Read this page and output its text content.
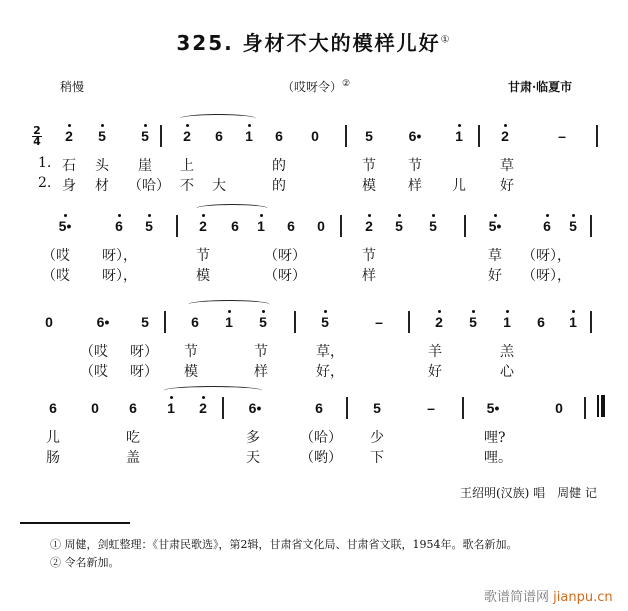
325. 身材不大的模样儿好①
稍慢	（哎呀令）②	甘肃·临夏市
2
4 2 5	5 2 6 1 6 0	5	6• 1	2	–
1. 石 头 崖 上	的	节 节	草
2. 身 材 （哈） 不 大	的	模 样 儿 好
5•	6 5	2 6 1 6 0	2 5 5	5•	6 5
（哎 呀），	节	（呀）	节	草 （呀），
（哎 呀），	模	（呀）	样	好 （呀），
0	6• 5	6 1 5	5	–	2 5 1 6 1
（哎 呀） 节	节	草，	羊	羔
（哎 呀） 模	样	好，	好	心
6 0 6 1 2	6•	6	5	–	5•	0
儿	吃	多	（哈） 少	哩?
肠	盖	天	（哟） 下	哩。
王绍明(汉族) 唱　周健 记
① 周健，剑虹整理：《甘肃民歌选》，第2辑，甘肃省文化局、甘肃省文联，1954年。歌名新加。
② 令名新加。
歌谱简谱网 jianpu.cn
